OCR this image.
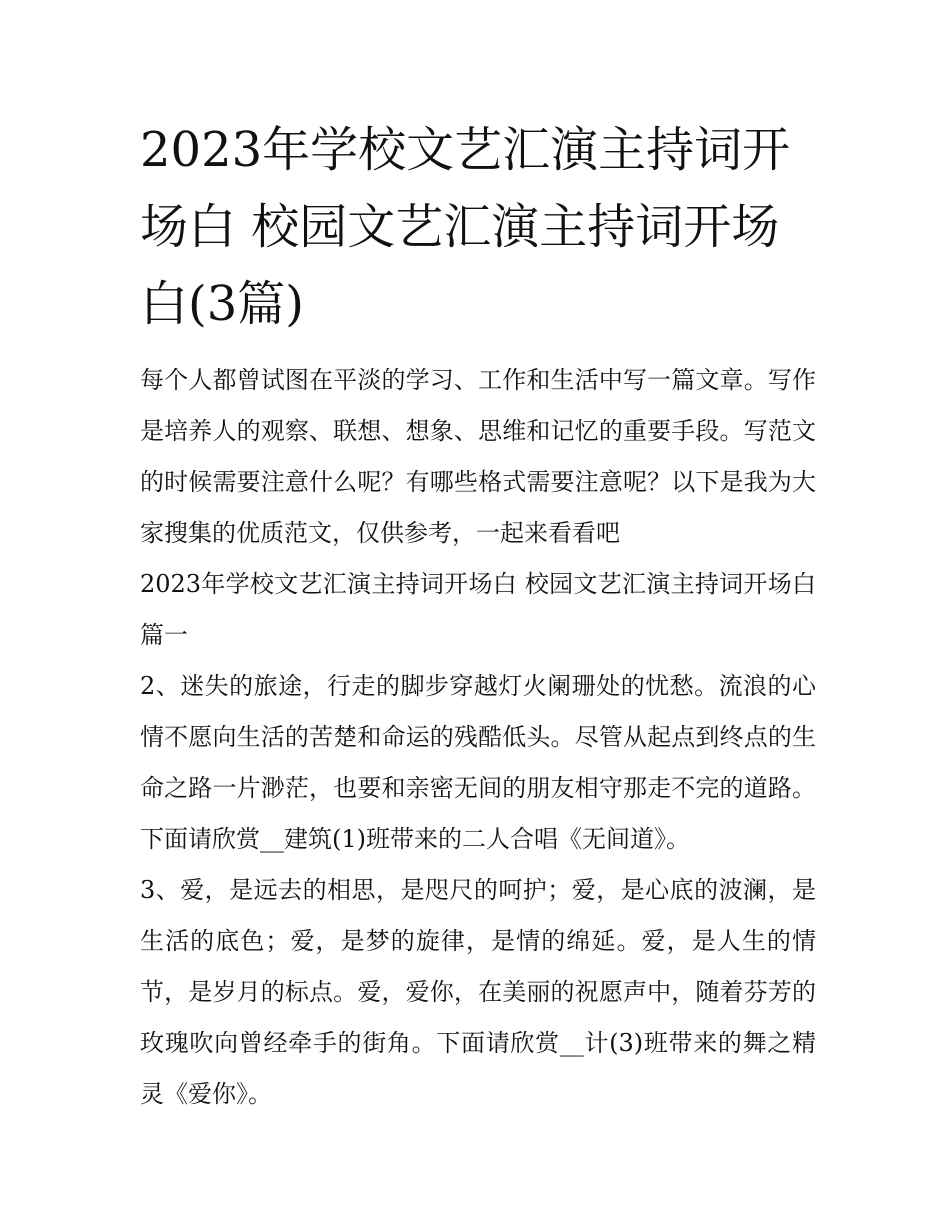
2023年学校文艺汇演主持词开场白 校园文艺汇演主持词开场白(3篇)

每个人都曾试图在平淡的学习、工作和生活中写一篇文章。写作是培养人的观察、联想、想象、思维和记忆的重要手段。写范文的时候需要注意什么呢？有哪些格式需要注意呢？以下是我为大家搜集的优质范文，仅供参考，一起来看看吧

2023年学校文艺汇演主持词开场白 校园文艺汇演主持词开场白篇一

2、迷失的旅途，行走的脚步穿越灯火阑珊处的忧愁。流浪的心情不愿向生活的苦楚和命运的残酷低头。尽管从起点到终点的生命之路一片渺茫，也要和亲密无间的朋友相守那走不完的道路。下面请欣赏__建筑(1)班带来的二人合唱《无间道》。

3、爱，是远去的相思，是咫尺的呵护；爱，是心底的波澜，是生活的底色；爱，是梦的旋律，是情的绵延。爱，是人生的情节，是岁月的标点。爱，爱你，在美丽的祝愿声中，随着芬芳的玫瑰吹向曾经牵手的街角。下面请欣赏__计(3)班带来的舞之精灵《爱你》。
